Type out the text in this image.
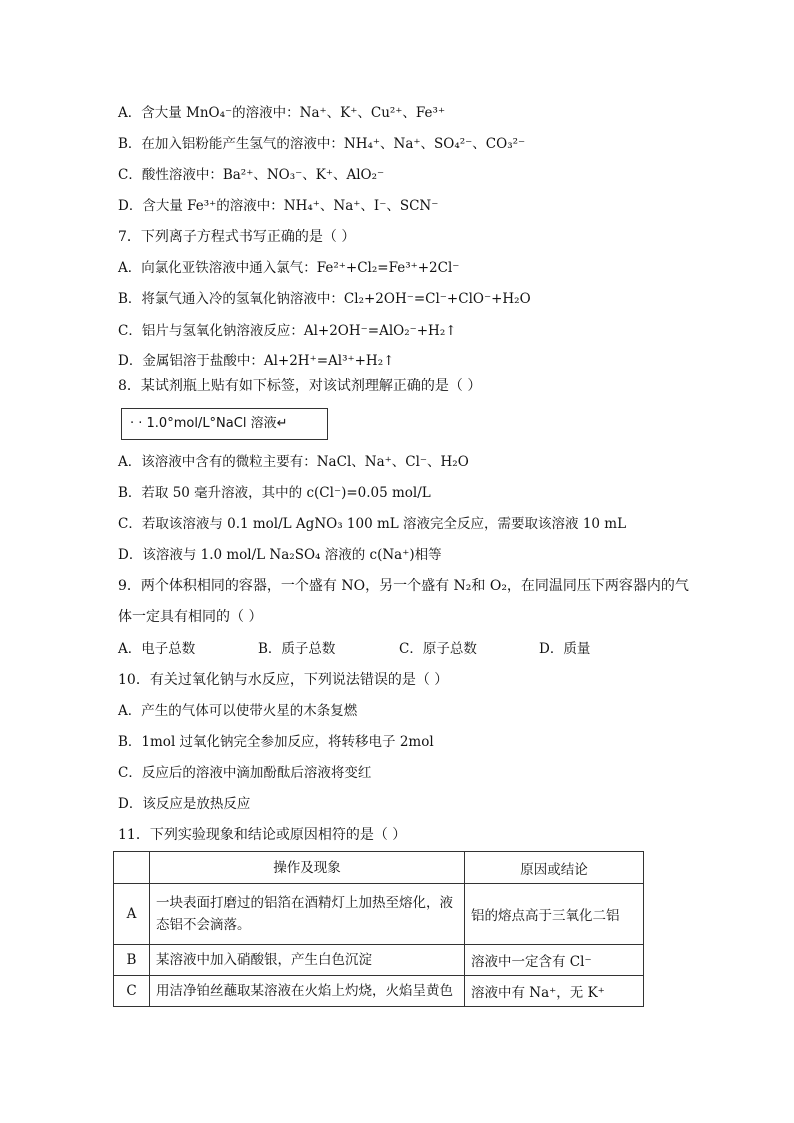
A．含大量 MnO₄⁻的溶液中：Na⁺、K⁺、Cu²⁺、Fe³⁺
B．在加入铝粉能产生氢气的溶液中：NH₄⁺、Na⁺、SO₄²⁻、CO₃²⁻
C．酸性溶液中：Ba²⁺、NO₃⁻、K⁺、AlO₂⁻
D．含大量 Fe³⁺的溶液中：NH₄⁺、Na⁺、I⁻、SCN⁻
7．下列离子方程式书写正确的是（ ）
A．向氯化亚铁溶液中通入氯气：Fe²⁺+Cl₂=Fe³⁺+2Cl⁻
B．将氯气通入冷的氢氧化钠溶液中：Cl₂+2OH⁻=Cl⁻+ClO⁻+H₂O
C．铝片与氢氧化钠溶液反应：Al+2OH⁻=AlO₂⁻+H₂↑
D．金属铝溶于盐酸中：Al+2H⁺=Al³⁺+H₂↑
8．某试剂瓶上贴有如下标签，对该试剂理解正确的是（ ）
· · 1.0°mol/L°NaCl 溶液↵
A．该溶液中含有的微粒主要有：NaCl、Na⁺、Cl⁻、H₂O
B．若取 50 毫升溶液，其中的 c(Cl⁻)=0.05 mol/L
C．若取该溶液与 0.1 mol/L AgNO₃ 100 mL 溶液完全反应，需要取该溶液 10 mL
D．该溶液与 1.0 mol/L Na₂SO₄ 溶液的 c(Na⁺)相等
9．两个体积相同的容器，一个盛有 NO，另一个盛有 N₂和 O₂，在同温同压下两容器内的气
体一定具有相同的（ ）
A．电子总数	B．质子总数	C．原子总数	D．质量
10．有关过氧化钠与水反应，下列说法错误的是（ ）
A．产生的气体可以使带火星的木条复燃
B．1mol 过氧化钠完全参加反应，将转移电子 2mol
C．反应后的溶液中滴加酚酞后溶液将变红
D．该反应是放热反应
11．下列实验现象和结论或原因相符的是（ ）
	操作及现象	原因或结论
A	一块表面打磨过的铝箔在酒精灯上加热至熔化，液
态铝不会滴落。	铝的熔点高于三氧化二铝
B	某溶液中加入硝酸银，产生白色沉淀	溶液中一定含有 Cl⁻
C	用洁净铂丝蘸取某溶液在火焰上灼烧，火焰呈黄色	溶液中有 Na⁺，无 K⁺
